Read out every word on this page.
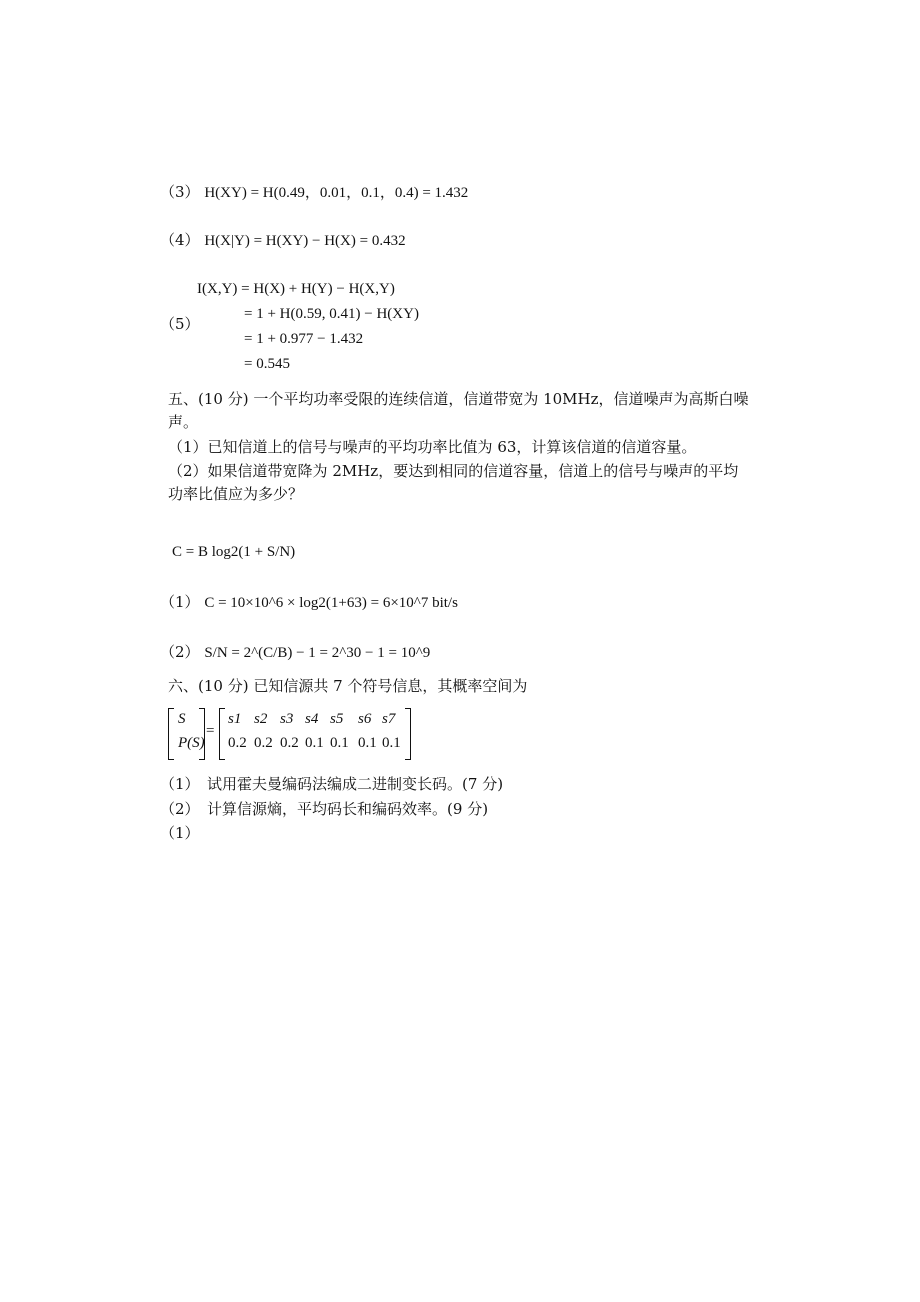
（3） H(XY) = H(0.49，0.01，0.1，0.4) = 1.432
（4） H(X|Y) = H(XY) − H(X) = 0.432
（5）
I(X,Y) = H(X) + H(Y) − H(X,Y)
= 1 + H(0.59, 0.41) − H(XY)
= 1 + 0.977 − 1.432
= 0.545
五、(10 分) 一个平均功率受限的连续信道，信道带宽为 10MHz，信道噪声为高斯白噪
声。
（1）已知信道上的信号与噪声的平均功率比值为 63，计算该信道的信道容量。
（2）如果信道带宽降为 2MHz，要达到相同的信道容量，信道上的信号与噪声的平均
功率比值应为多少？
C = B log2(1 + S/N)
（1） C = 10×10^6 × log2(1+63) = 6×10^7 bit/s
（2） S/N = 2^(C/B) − 1 = 2^30 − 1 = 10^9
六、(10 分) 已知信源共 7 个符号信息，其概率空间为
S
P(S)
=
s1 s2 s3 s4 s5 s6 s7
0.2 0.2 0.2 0.1 0.1 0.1 0.1
（1）　试用霍夫曼编码法编成二进制变长码。(7 分)
（2）　计算信源熵，平均码长和编码效率。(9 分)
（1）
